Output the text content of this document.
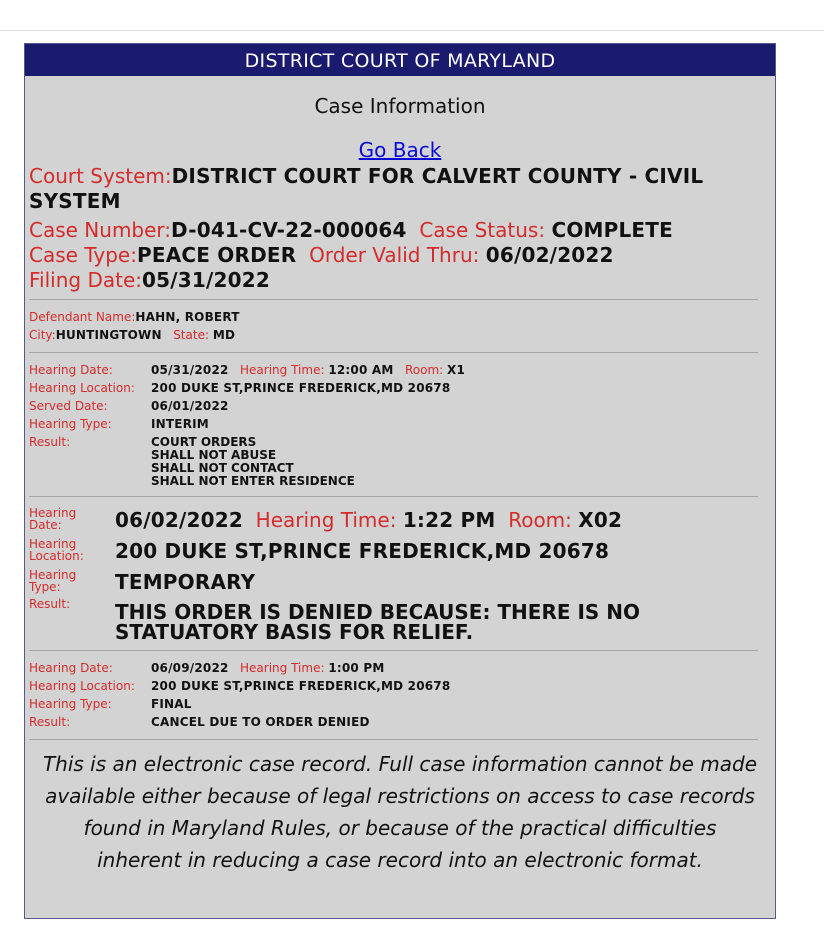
DISTRICT COURT OF MARYLAND
Case Information
Go Back
Court System:DISTRICT COURT FOR CALVERT COUNTY - CIVIL SYSTEM
Case Number:D-041-CV-22-000064 Case Status: COMPLETE
Case Type:PEACE ORDER Order Valid Thru: 06/02/2022
Filing Date:05/31/2022
Defendant Name:HAHN, ROBERT
City:HUNTINGTOWN State: MD
Hearing Date:	05/31/2022 Hearing Time: 12:00 AM Room: X1
Hearing Location:	200 DUKE ST,PRINCE FREDERICK,MD 20678
Served Date:	06/01/2022
Hearing Type:	INTERIM
Result:	COURT ORDERS
SHALL NOT ABUSE
SHALL NOT CONTACT
SHALL NOT ENTER RESIDENCE
Hearing
Date:	06/02/2022 Hearing Time: 1:22 PM Room: X02

Hearing
Location:	200 DUKE ST,PRINCE FREDERICK,MD 20678

Hearing
Type:	TEMPORARY
Result:	THIS ORDER IS DENIED BECAUSE: THERE IS NO
STATUATORY BASIS FOR RELIEF.
Hearing Date:	06/09/2022 Hearing Time: 1:00 PM
Hearing Location:	200 DUKE ST,PRINCE FREDERICK,MD 20678
Hearing Type:	FINAL
Result:	CANCEL DUE TO ORDER DENIED
This is an electronic case record. Full case information cannot be made available either because of legal restrictions on access to case records found in Maryland Rules, or because of the practical difficulties inherent in reducing a case record into an electronic format.
